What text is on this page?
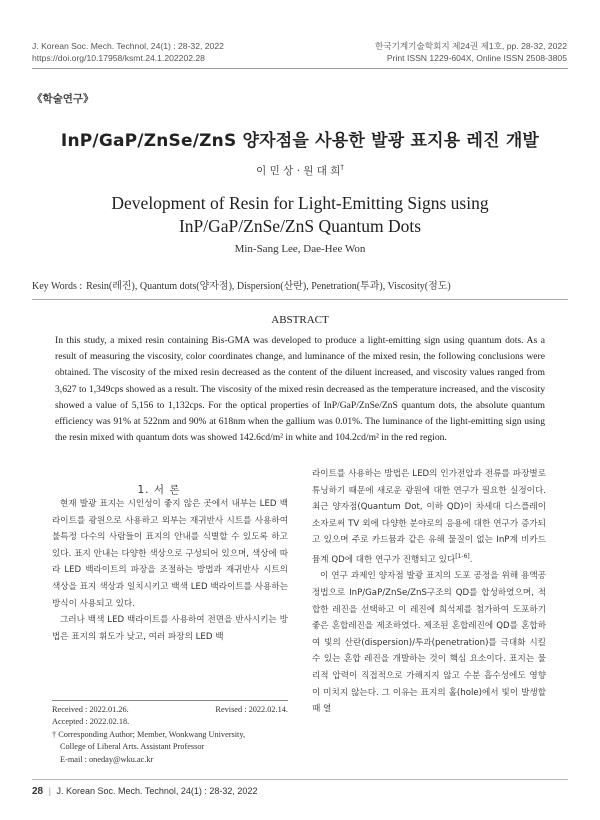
J. Korean Soc. Mech. Technol, 24(1) : 28-32, 2022
https://doi.org/10.17958/ksmt.24.1.202202.28
한국기계기술학회지 제24권 제1호, pp. 28-32, 2022
Print ISSN 1229-604X, Online ISSN 2508-3805
《학술연구》
InP/GaP/ZnSe/ZnS 양자점을 사용한 발광 표지용 레진 개발
이 민 상 · 원 대 희†
Development of Resin for Light-Emitting Signs using
InP/GaP/ZnSe/ZnS Quantum Dots
Min-Sang Lee, Dae-Hee Won
Key Words : Resin(레진), Quantum dots(양자점), Dispersion(산란), Penetration(투과), Viscosity(점도)
ABSTRACT
In this study, a mixed resin containing Bis-GMA was developed to produce a light-emitting sign using quantum dots. As a result of measuring the viscosity, color coordinates change, and luminance of the mixed resin, the following conclusions were obtained. The viscosity of the mixed resin decreased as the content of the diluent increased, and viscosity values ranged from 3,627 to 1,349cps showed as a result. The viscosity of the mixed resin decreased as the temperature increased, and the viscosity showed a value of 5,156 to 1,132cps. For the optical properties of InP/GaP/ZnSe/ZnS quantum dots, the absolute quantum efficiency was 91% at 522nm and 90% at 618nm when the gallium was 0.01%. The luminance of the light-emitting sign using the resin mixed with quantum dots was showed 142.6cd/m² in white and 104.2cd/m² in the red region.
1. 서 론
현재 발광 표지는 시인성이 좋지 않은 곳에서 내부는 LED 백라이트를 광원으로 사용하고 외부는 재귀반사 시트를 사용하여 불특정 다수의 사람들이 표지의 안내를 식별할 수 있도록 하고 있다. 표지 안내는 다양한 색상으로 구성되어 있으며, 색상에 따라 LED 백라이트의 파장을 조절하는 방법과 재귀반사 시트의 색상을 표지 색상과 일치시키고 백색 LED 백라이트를 사용하는 방식이 사용되고 있다.
그러나 백색 LED 백라이트를 사용하여 전면을 반사시키는 방법은 표지의 휘도가 낮고, 여러 파장의 LED 백
Received : 2022.01.26.	Revised : 2022.02.14.
Accepted : 2022.02.18.
† Corresponding Author; Member, Wonkwang University,
College of Liberal Arts. Assistant Professor
E-mail : oneday@wku.ac.kr
라이트를 사용하는 방법은 LED의 인가전압과 전류를 파장별로 튜닝하기 때문에 새로운 광원에 대한 연구가 필요한 실정이다. 최근 양자점(Quantum Dot, 이하 QD)이 차세대 디스플레이 소자로써 TV 외에 다양한 분야로의 응용에 대한 연구가 증가되고 있으며 주로 카드뮴과 같은 유해 물질이 없는 InP계 비카드뮴계 QD에 대한 연구가 진행되고 있다[1-6].
이 연구 과제인 양자점 발광 표지의 도포 공정을 위해 용액공정법으로 InP/GaP/ZnSe/ZnS구조의 QD를 합성하였으며, 적합한 레진을 선택하고 이 레진에 희석제를 첨가하여 도포하기 좋은 혼합레진을 제조하였다. 제조된 혼합레진에 QD를 혼합하여 빛의 산란(dispersion)/투과(penetration)를 극대화 시킬 수 있는 혼합 레진을 개발하는 것이 핵심 요소이다. 표지는 물리적 압력이 직접적으로 가해지지 않고 수분 흡수성에도 영향이 미치지 않는다. 그 이유는 표지의 홀(hole)에서 빛이 발생할 때 열
28 | J. Korean Soc. Mech. Technol, 24(1) : 28-32, 2022
